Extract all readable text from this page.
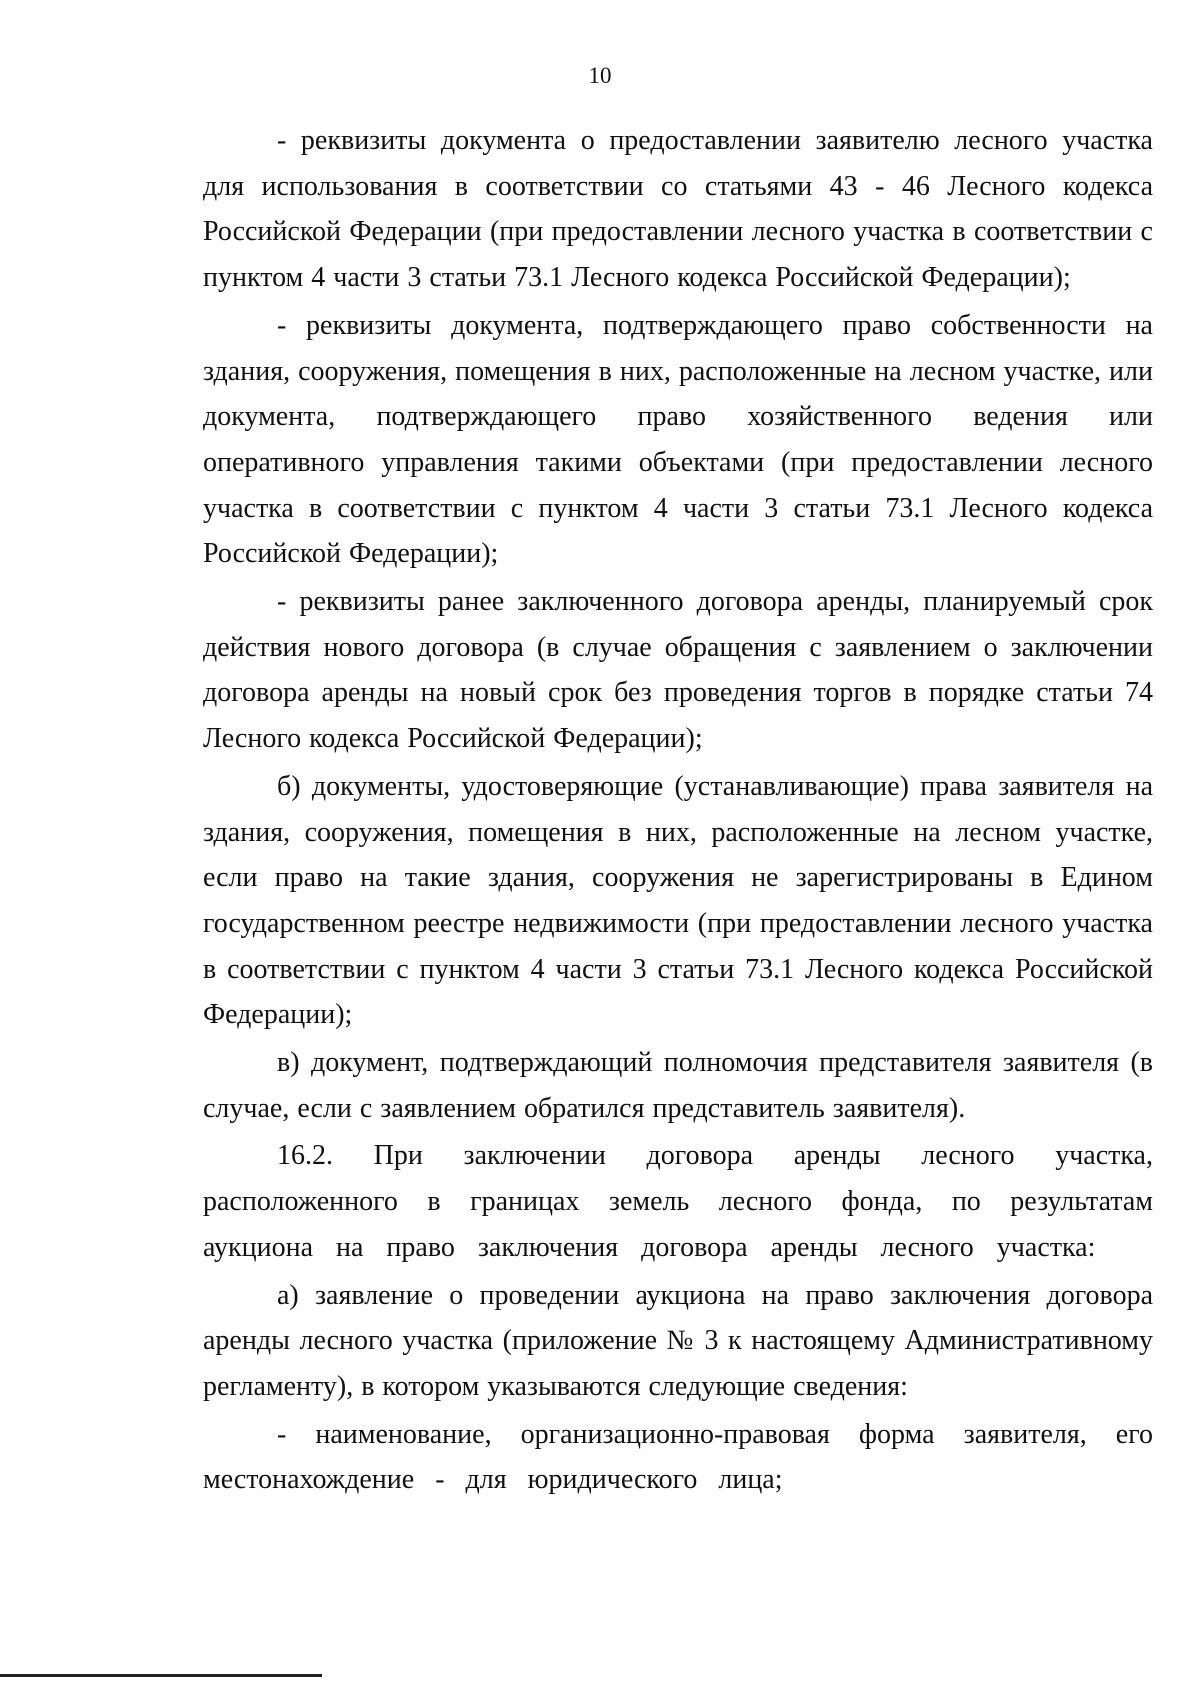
10

- реквизиты документа о предоставлении заявителю лесного участка для использования в соответствии со статьями 43 - 46 Лесного кодекса Российской Федерации (при предоставлении лесного участка в соответствии с пунктом 4 части 3 статьи 73.1 Лесного кодекса Российской Федерации);

- реквизиты документа, подтверждающего право собственности на здания, сооружения, помещения в них, расположенные на лесном участке, или документа, подтверждающего право хозяйственного ведения или оперативного управления такими объектами (при предоставлении лесного участка в соответствии с пунктом 4 части 3 статьи 73.1 Лесного кодекса Российской Федерации);

- реквизиты ранее заключенного договора аренды, планируемый срок действия нового договора (в случае обращения с заявлением о заключении договора аренды на новый срок без проведения торгов в порядке статьи 74 Лесного кодекса Российской Федерации);

б) документы, удостоверяющие (устанавливающие) права заявителя на здания, сооружения, помещения в них, расположенные на лесном участке, если право на такие здания, сооружения не зарегистрированы в Едином государственном реестре недвижимости (при предоставлении лесного участка в соответствии с пунктом 4 части 3 статьи 73.1 Лесного кодекса Российской Федерации);

в) документ, подтверждающий полномочия представителя заявителя (в случае, если с заявлением обратился представитель заявителя).

16.2. При заключении договора аренды лесного участка, расположенного в границах земель лесного фонда, по результатам аукциона на право заключения договора аренды лесного участка:

а) заявление о проведении аукциона на право заключения договора аренды лесного участка (приложение № 3 к настоящему Административному регламенту), в котором указываются следующие сведения:

- наименование, организационно-правовая форма заявителя, его местонахождение - для юридического лица;
